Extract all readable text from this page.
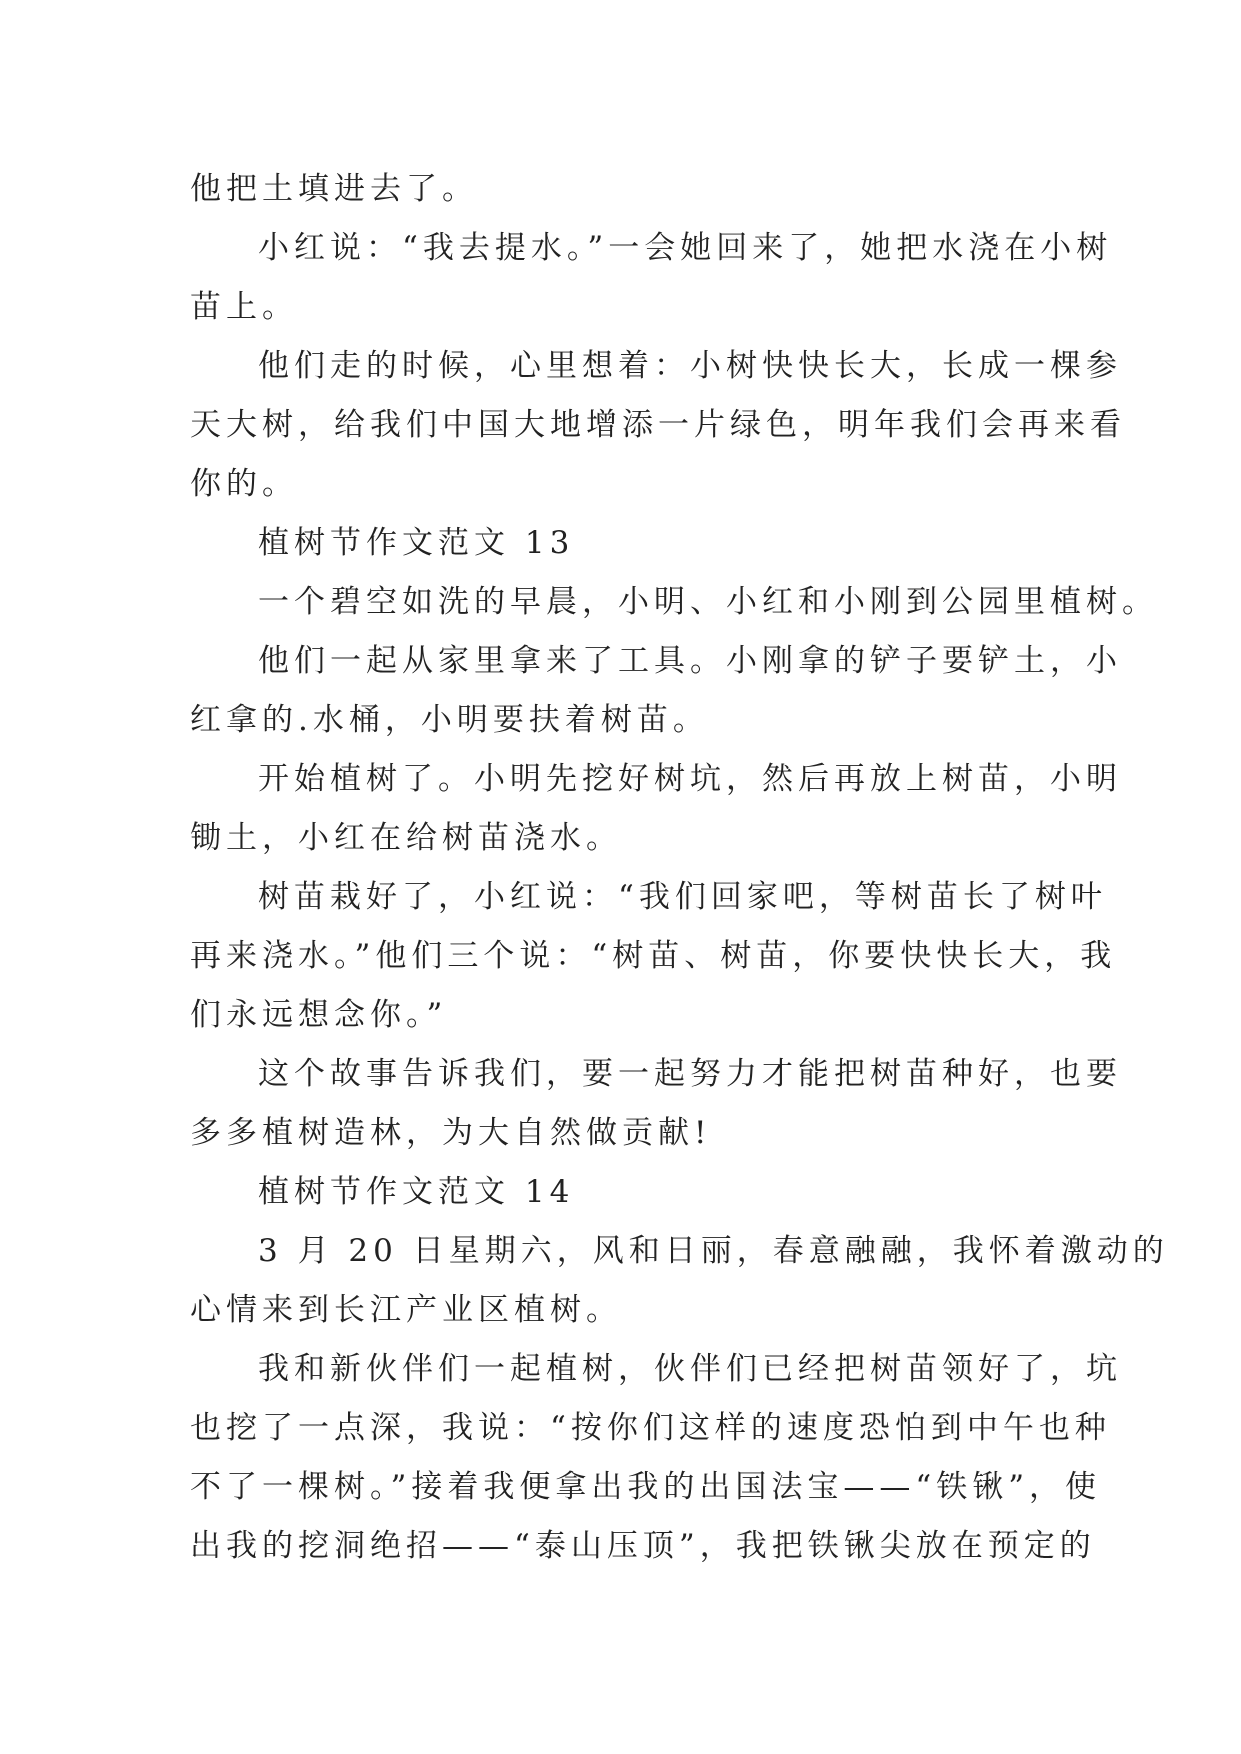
他把土填进去了。
小红说：“我去提水。”一会她回来了，她把水浇在小树
苗上。
他们走的时候，心里想着：小树快快长大，长成一棵参
天大树，给我们中国大地增添一片绿色，明年我们会再来看
你的。
植树节作文范文 13
一个碧空如洗的早晨，小明、小红和小刚到公园里植树。
他们一起从家里拿来了工具。小刚拿的铲子要铲土，小
红拿的.水桶，小明要扶着树苗。
开始植树了。小明先挖好树坑，然后再放上树苗，小明
锄土，小红在给树苗浇水。
树苗栽好了，小红说：“我们回家吧，等树苗长了树叶
再来浇水。”他们三个说：“树苗、树苗，你要快快长大，我
们永远想念你。”
这个故事告诉我们，要一起努力才能把树苗种好，也要
多多植树造林，为大自然做贡献!
植树节作文范文 14
3 月 20 日星期六，风和日丽，春意融融，我怀着激动的
心情来到长江产业区植树。
我和新伙伴们一起植树，伙伴们已经把树苗领好了，坑
也挖了一点深，我说：“按你们这样的速度恐怕到中午也种
不了一棵树。”接着我便拿出我的出国法宝——“铁锹”，使
出我的挖洞绝招——“泰山压顶”，我把铁锹尖放在预定的
